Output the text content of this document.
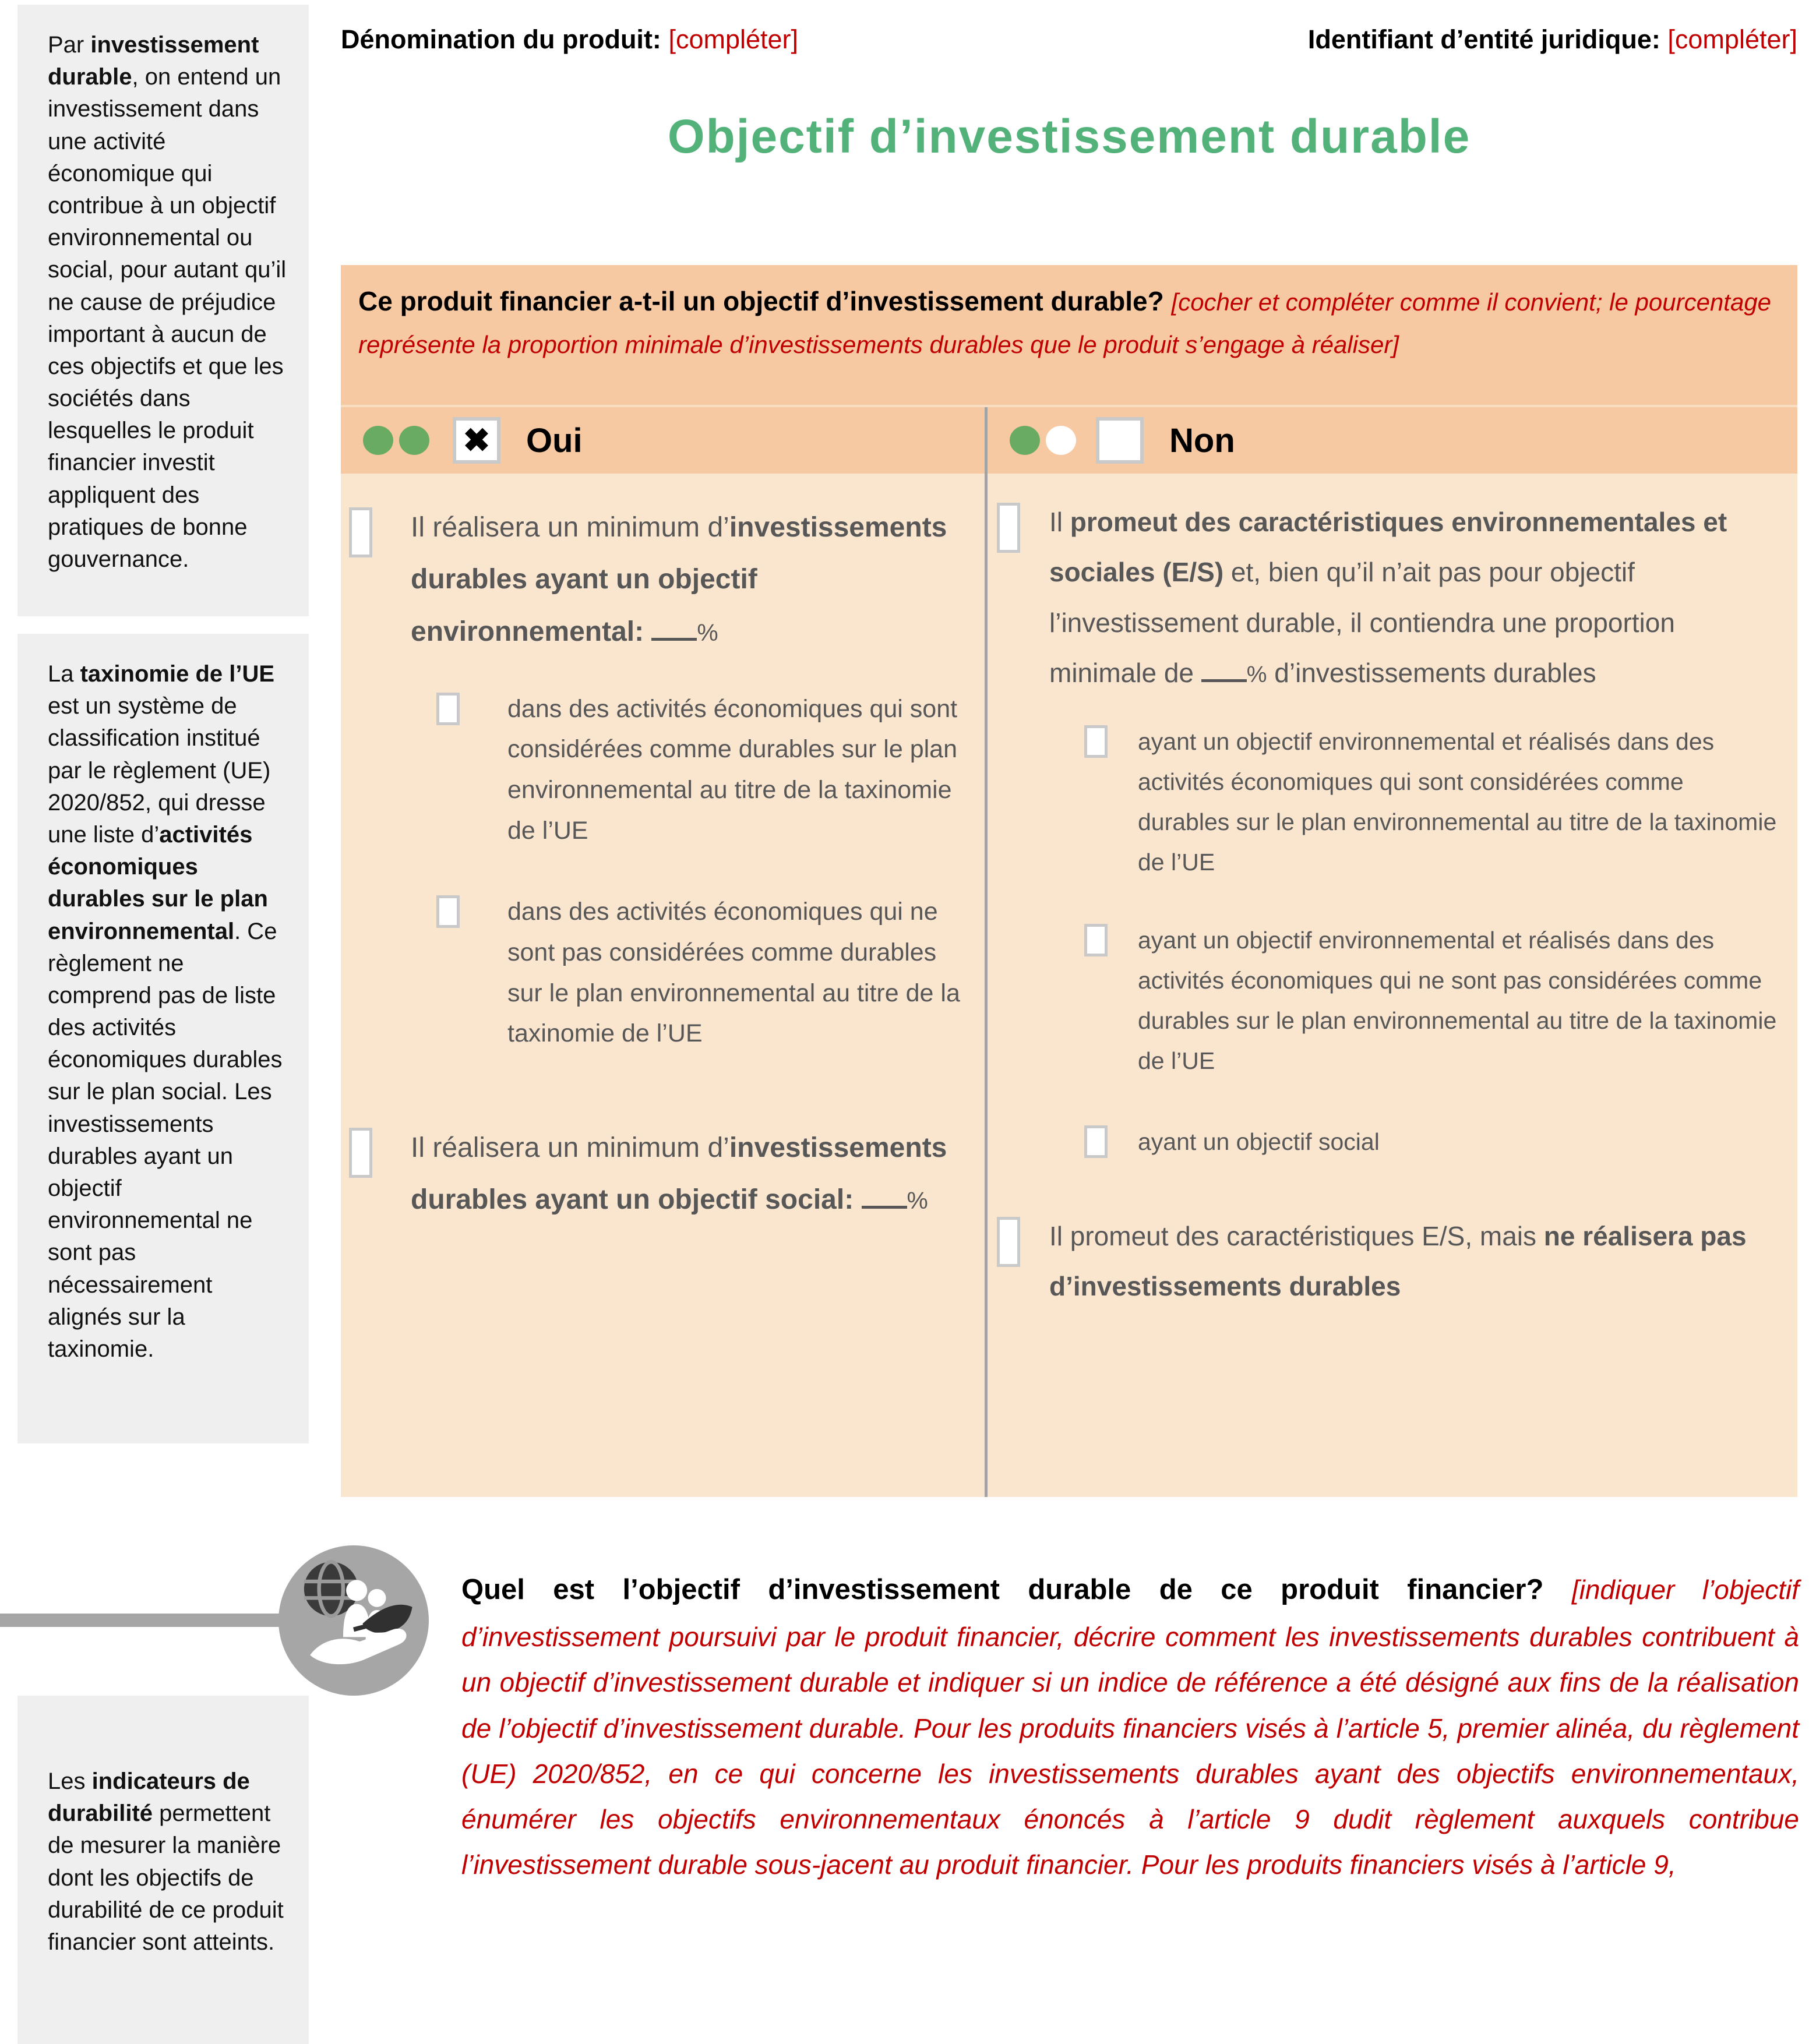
Par investissement durable, on entend un investissement dans une activité économique qui contribue à un objectif environnemental ou social, pour autant qu’il ne cause de préjudice important à aucun de ces objectifs et que les sociétés dans lesquelles le produit financier investit appliquent des pratiques de bonne gouvernance.
La taxinomie de l’UE est un système de classification institué par le règlement (UE) 2020/852, qui dresse une liste d’activités économiques durables sur le plan environnemental. Ce règlement ne comprend pas de liste des activités économiques durables sur le plan social. Les investissements durables ayant un objectif environnemental ne sont pas nécessairement alignés sur la taxinomie.
Les indicateurs de durabilité permettent de mesurer la manière dont les objectifs de durabilité de ce produit financier sont atteints.
Dénomination du produit: [compléter]	Identifiant d’entité juridique: [compléter]
Objectif d’investissement durable
Ce produit financier a-t-il un objectif d’investissement durable? [cocher et compléter comme il convient; le pourcentage représente la proportion minimale d’investissements durables que le produit s’engage à réaliser]
✖ Oui	Non
Il réalisera un minimum d’investissements durables ayant un objectif environnemental: %
dans des activités économiques qui sont considérées comme durables sur le plan environnemental au titre de la taxinomie de l’UE
dans des activités économiques qui ne sont pas considérées comme durables sur le plan environnemental au titre de la taxinomie de l’UE
Il réalisera un minimum d’investissements durables ayant un objectif social: %
Il promeut des caractéristiques environnementales et sociales (E/S) et, bien qu’il n’ait pas pour objectif l’investissement durable, il contiendra une proportion minimale de % d’investissements durables
ayant un objectif environnemental et réalisés dans des activités économiques qui sont considérées comme durables sur le plan environnemental au titre de la taxinomie de l’UE
ayant un objectif environnemental et réalisés dans des activités économiques qui ne sont pas considérées comme durables sur le plan environnemental au titre de la taxinomie de l’UE
ayant un objectif social
Il promeut des caractéristiques E/S, mais ne réalisera pas d’investissements durables
Quel est l’objectif d’investissement durable de ce produit financier? [indiquer l’objectif d’investissement poursuivi par le produit financier, décrire comment les investissements durables contribuent à un objectif d’investissement durable et indiquer si un indice de référence a été désigné aux fins de la réalisation de l’objectif d’investissement durable. Pour les produits financiers visés à l’article 5, premier alinéa, du règlement (UE) 2020/852, en ce qui concerne les investissements durables ayant des objectifs environnementaux, énumérer les objectifs environnementaux énoncés à l’article 9 dudit règlement auxquels contribue l’investissement durable sous-jacent au produit financier. Pour les produits financiers visés à l’article 9,
